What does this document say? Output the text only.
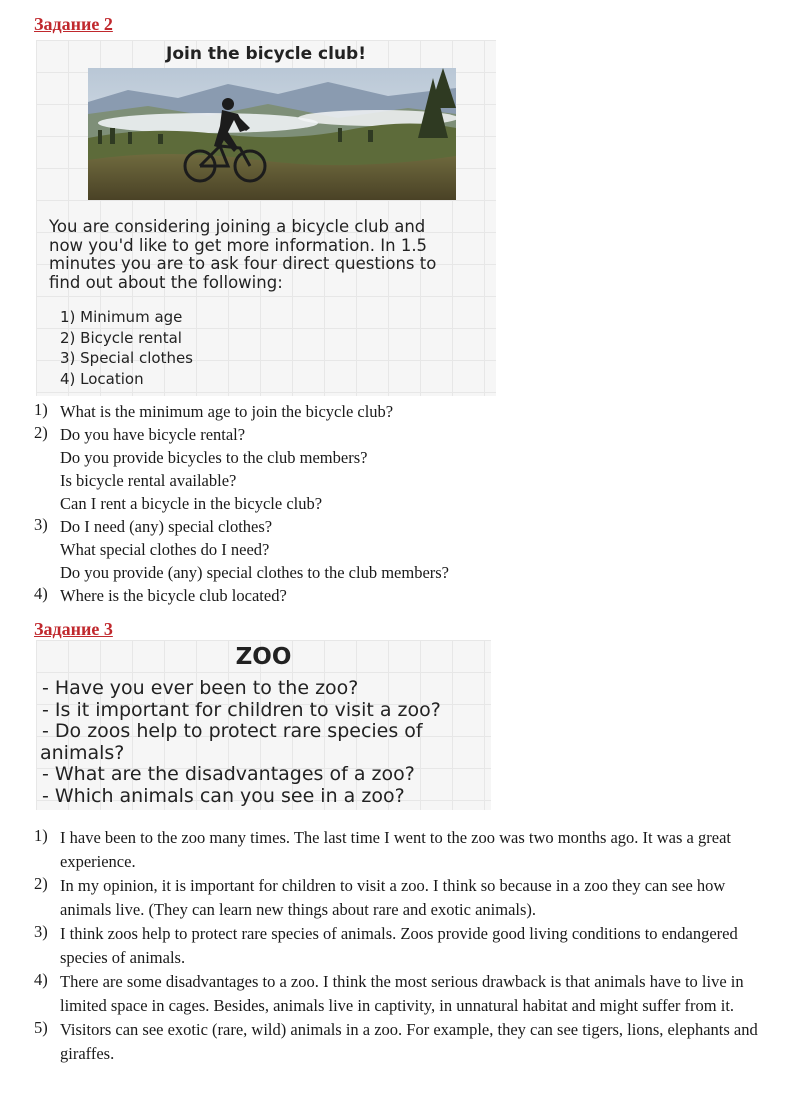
Задание 2
Join the bicycle club!
You are considering joining a bicycle club and
now you'd like to get more information. In 1.5
minutes you are to ask four direct questions to
find out about the following:
1) Minimum age
2) Bicycle rental
3) Special clothes
4) Location
1) What is the minimum age to join the bicycle club?
2) Do you have bicycle rental?
Do you provide bicycles to the club members?
Is bicycle rental available?
Can I rent a bicycle in the bicycle club?
3) Do I need (any) special clothes?
What special clothes do I need?
Do you provide (any) special clothes to the club members?
4) Where is the bicycle club located?
Задание 3
ZOO
- Have you ever been to the zoo?
- Is it important for children to visit a zoo?
- Do zoos help to protect rare species of
animals?
- What are the disadvantages of a zoo?
- Which animals can you see in a zoo?
1) I have been to the zoo many times. The last time I went to the zoo was two months ago. It was a great experience.
2) In my opinion, it is important for children to visit a zoo. I think so because in a zoo they can see how animals live. (They can learn new things about rare and exotic animals).
3) I think zoos help to protect rare species of animals. Zoos provide good living conditions to endangered species of animals.
4) There are some disadvantages to a zoo. I think the most serious drawback is that animals have to live in limited space in cages. Besides, animals live in captivity, in unnatural habitat and might suffer from it.
5) Visitors can see exotic (rare, wild) animals in a zoo. For example, they can see tigers, lions, elephants and giraffes.
